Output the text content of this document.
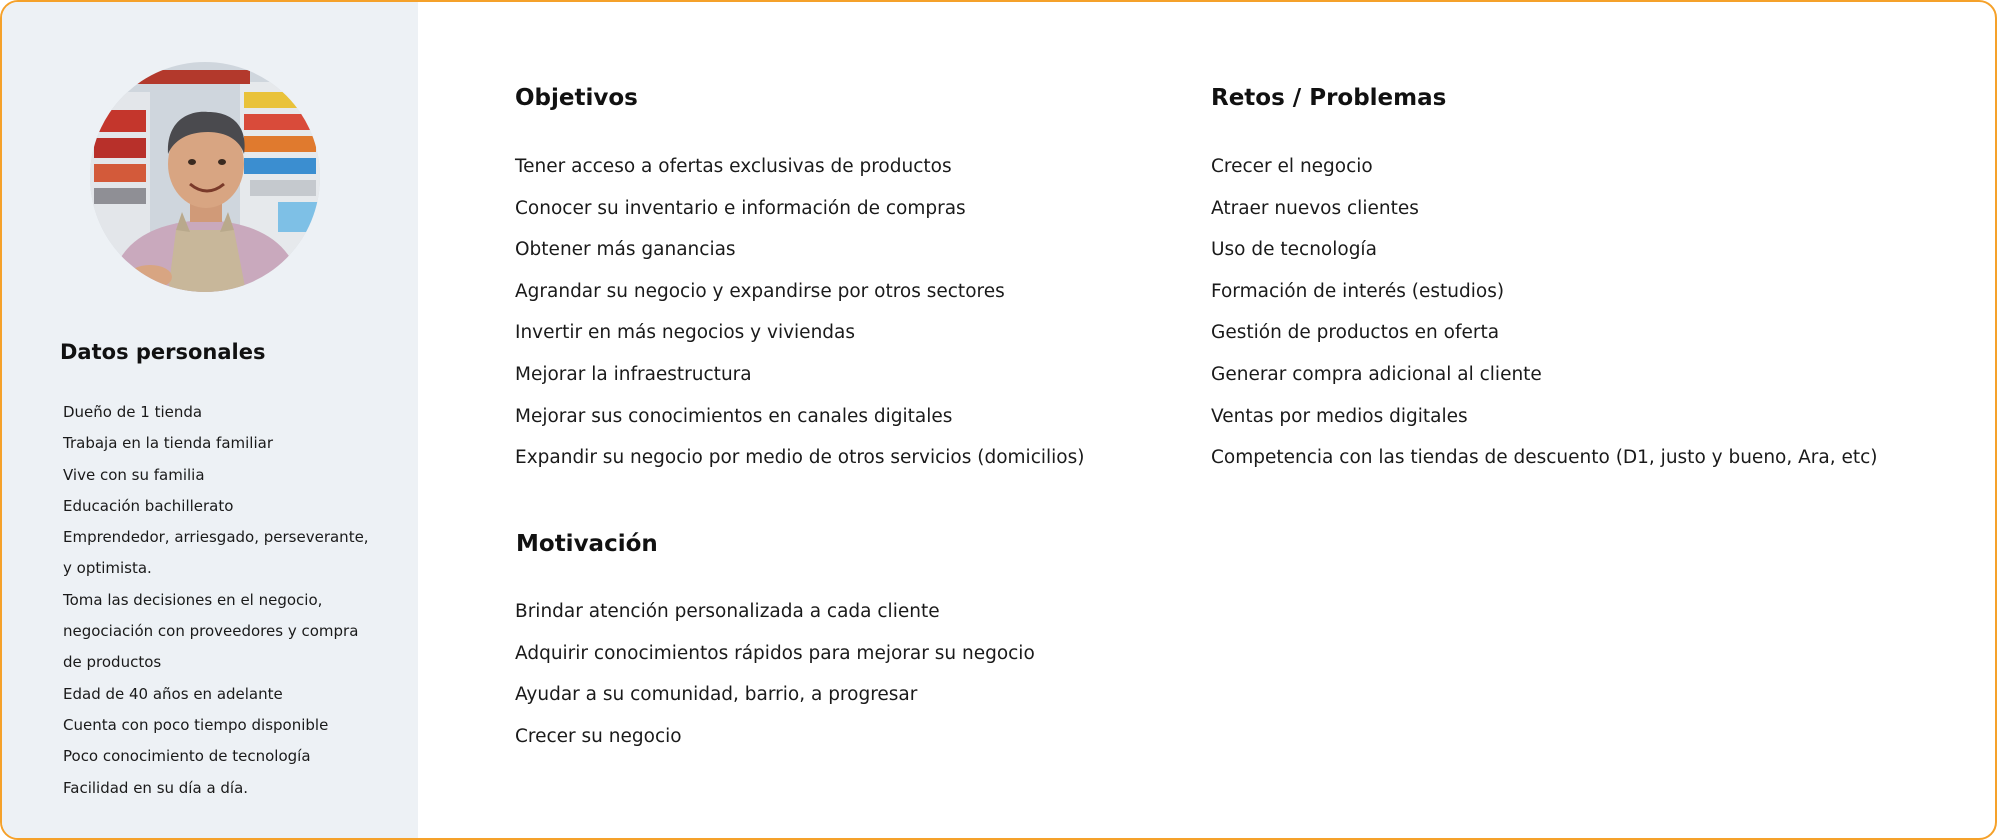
Datos personales
Dueño de 1 tienda
Trabaja en la tienda familiar
Vive con su familia
Educación bachillerato
Emprendedor, arriesgado, perseverante,
y optimista.
Toma las decisiones en el negocio,
negociación con proveedores y compra
de productos
Edad de 40 años en adelante
Cuenta con poco tiempo disponible
Poco conocimiento de tecnología
Facilidad en su día a día.
Objetivos
Tener acceso a ofertas exclusivas de productos
Conocer su inventario e información de compras
Obtener más ganancias
Agrandar su negocio y expandirse por otros sectores
Invertir en más negocios y viviendas
Mejorar la infraestructura
Mejorar sus conocimientos en canales digitales
Expandir su negocio por medio de otros servicios (domicilios)
Retos / Problemas
Crecer el negocio
Atraer nuevos clientes
Uso de tecnología
Formación de interés (estudios)
Gestión de productos en oferta
Generar compra adicional al cliente
Ventas por medios digitales
Competencia con las tiendas de descuento (D1, justo y bueno, Ara, etc)
Motivación
Brindar atención personalizada a cada cliente
Adquirir conocimientos rápidos para mejorar su negocio
Ayudar a su comunidad, barrio, a progresar
Crecer su negocio
